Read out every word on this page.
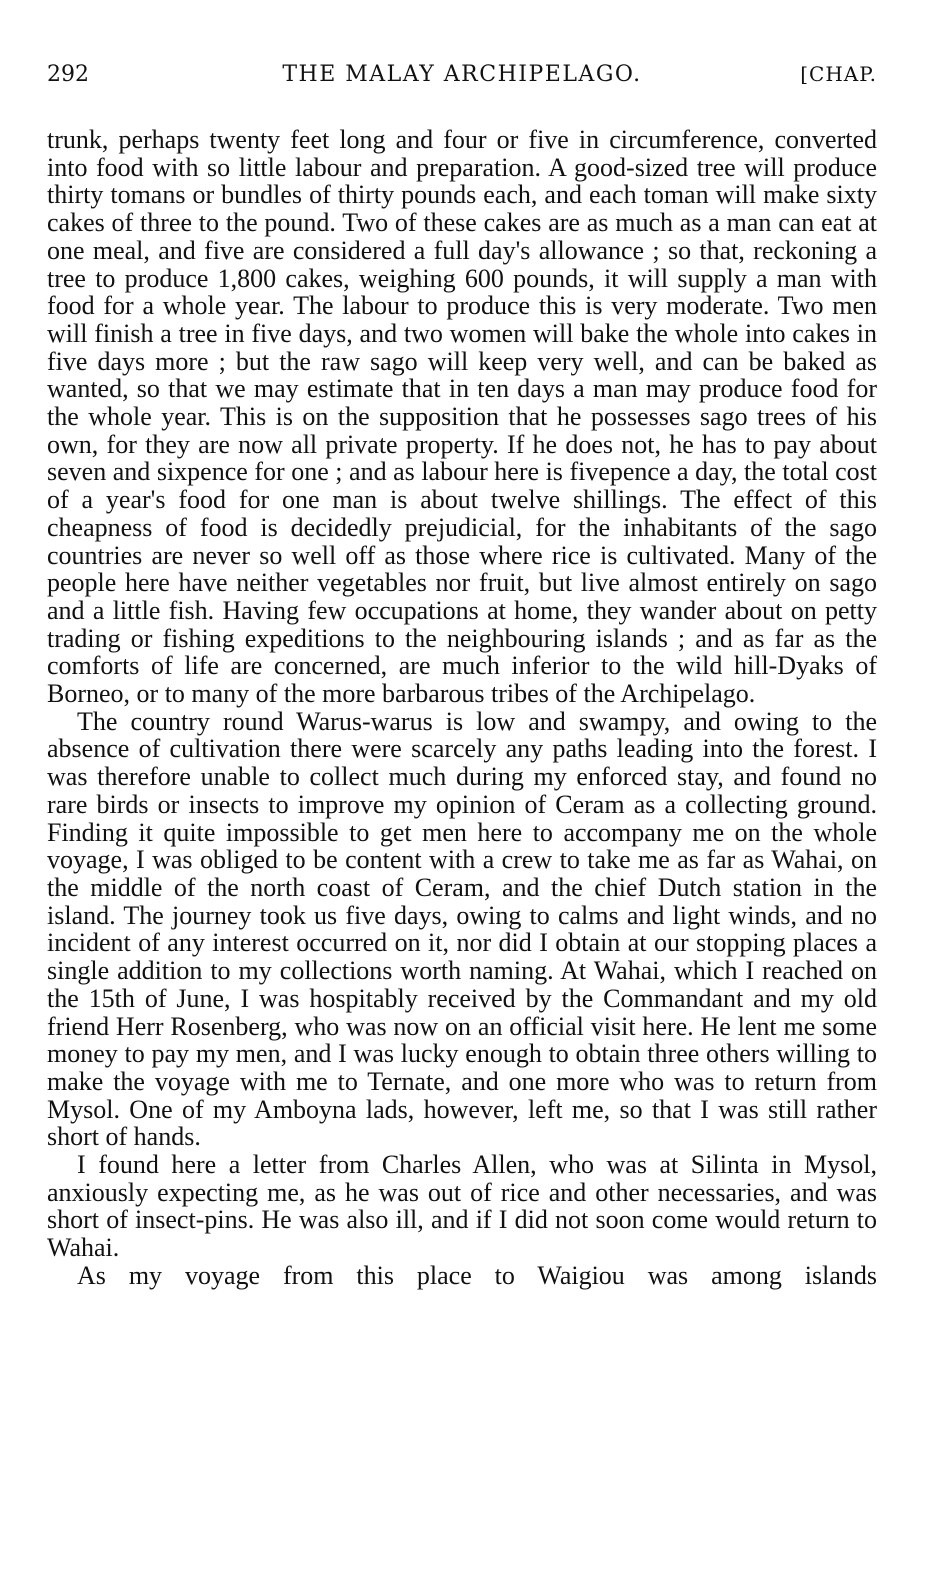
292	THE MALAY ARCHIPELAGO.	[CHAP.

trunk, perhaps twenty feet long and four or five in circumference, converted into food with so little labour and preparation. A good-sized tree will produce thirty tomans or bundles of thirty pounds each, and each toman will make sixty cakes of three to the pound. Two of these cakes are as much as a man can eat at one meal, and five are considered a full day's allowance ; so that, reckoning a tree to produce 1,800 cakes, weighing 600 pounds, it will supply a man with food for a whole year. The labour to produce this is very moderate. Two men will finish a tree in five days, and two women will bake the whole into cakes in five days more ; but the raw sago will keep very well, and can be baked as wanted, so that we may estimate that in ten days a man may produce food for the whole year. This is on the supposition that he possesses sago trees of his own, for they are now all private property. If he does not, he has to pay about seven and sixpence for one ; and as labour here is fivepence a day, the total cost of a year's food for one man is about twelve shillings. The effect of this cheapness of food is decidedly prejudicial, for the inhabitants of the sago countries are never so well off as those where rice is cultivated. Many of the people here have neither vegetables nor fruit, but live almost entirely on sago and a little fish. Having few occupations at home, they wander about on petty trading or fishing expeditions to the neighbouring islands ; and as far as the comforts of life are concerned, are much inferior to the wild hill-Dyaks of Borneo, or to many of the more barbarous tribes of the Archipelago.

The country round Warus-warus is low and swampy, and owing to the absence of cultivation there were scarcely any paths leading into the forest. I was therefore unable to collect much during my enforced stay, and found no rare birds or insects to improve my opinion of Ceram as a collecting ground. Finding it quite impossible to get men here to accompany me on the whole voyage, I was obliged to be content with a crew to take me as far as Wahai, on the middle of the north coast of Ceram, and the chief Dutch station in the island. The journey took us five days, owing to calms and light winds, and no incident of any interest occurred on it, nor did I obtain at our stopping places a single addition to my collections worth naming. At Wahai, which I reached on the 15th of June, I was hospitably received by the Commandant and my old friend Herr Rosenberg, who was now on an official visit here. He lent me some money to pay my men, and I was lucky enough to obtain three others willing to make the voyage with me to Ternate, and one more who was to return from Mysol. One of my Amboyna lads, however, left me, so that I was still rather short of hands.

I found here a letter from Charles Allen, who was at Silinta in Mysol, anxiously expecting me, as he was out of rice and other necessaries, and was short of insect-pins. He was also ill, and if I did not soon come would return to Wahai.

As my voyage from this place to Waigiou was among islands
